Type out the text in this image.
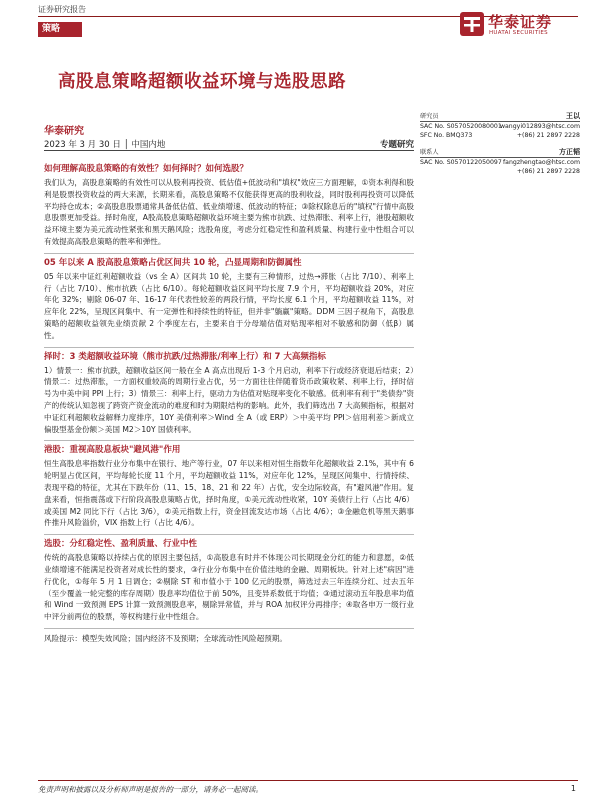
证券研究报告
策略	华泰证券
HUATAI SECURITIES
高股息策略超额收益环境与选股思路
华泰研究
2023 年 3 月 30 日 │ 中国内地	专题研究
如何理解高股息策略的有效性？如何择时？如何选股？
我们认为，高股息策略的有效性可以从股利再投资、低估值+低波动和"填权"效应三方面理解，①资本利得和股利是股票投资收益的两大来源，长期来看，高股息策略不仅能获得更高的股利收益，同时股利再投资可以降低平均持仓成本；②高股息股票通常具备低估值、低业绩增速、低波动的特征；③除权除息后的"填权"行情中高股息股票更加受益。择时角度，A股高股息策略超额收益环境主要为熊市抗跌、过热滞胀、利率上行，港股超额收益环境主要为美元流动性紧张和黑天鹅风险；选股角度，考虑分红稳定性和盈利质量、构建行业中性组合可以有效提高高股息策略的胜率和弹性。
05 年以来 A 股高股息策略占优区间共 10 轮，凸显周期和防御属性
05 年以来中证红利超额收益（vs 全 A）区间共 10 轮，主要有三种情形，过热→滞胀（占比 7/10）、利率上行（占比 7/10）、熊市抗跌（占比 6/10）。每轮超额收益区间平均长度 7.9 个月，平均超额收益 20%，对应年化 32%；剔除 06-07 年、16-17 年代表性较差的两段行情，平均长度 6.1 个月，平均超额收益 11%，对应年化 22%，呈现区间集中、有一定弹性和持续性的特征，但并非"躺赢"策略。DDM 三因子视角下，高股息策略的超额收益领先业绩贡献 2 个季度左右，主要来自于分母端估值对贴现率相对不敏感和防御（低β）属性。
择时：3 类超额收益环境（熊市抗跌/过热滞胀/利率上行）和 7 大高频指标
1）情景一：熊市抗跌，超额收益区间一般在全 A 高点出现后 1-3 个月启动，利率下行或经济衰退后结束；2）情景二：过热滞胀，一方面权重较高的周期行业占优，另一方面往往伴随着货币政策收紧、利率上行，择时信号为中美中间 PPI 上行；3）情景三：利率上行，驱动力为估值对贴现率变化不敏感。低利率有利于"类债券"资产的传统认知忽视了跨资产资金流动的难度和时为期限结构的影响。此外，我们筛选出 7 大高频指标，根据对中证红利超额收益解释力度排序，10Y 美债利率＞Wind 全 A（或 ERP）＞中美平均 PPI＞信用利差＞新成立偏股型基金份额＞美国 M2＞10Y 国债利率。
港股：重视高股息板块"避风港"作用
恒生高股息率指数行业分布集中在银行、地产等行业，07 年以来相对恒生指数年化超额收益 2.1%，其中有 6 轮明显占优区间，平均每轮长度 11 个月，平均超额收益 11%，对应年化 12%，呈现区间集中、行情持续、表现平稳的特征，尤其在下跌年份（11、15、18、21 和 22 年）占优，安全边际较高，有"避风港"作用。复盘来看，恒指震荡或下行阶段高股息策略占优，择时角度，①美元流动性收紧，10Y 美债行上行（占比 4/6）或美国 M2 同比下行（占比 3/6），②美元指数上行，资金回流发达市场（占比 4/6）；③金融危机等黑天鹅事件推升风险溢价，VIX 指数上行（占比 4/6）。
选股：分红稳定性、盈利质量、行业中性
传统的高股息策略以持续占优的原因主要包括，①高股息有时并不体现公司长期现金分红的能力和意愿，②低业绩增速不能满足投资者对成长性的要求，③行业分布集中在价值洼地的金融、周期板块。针对上述"病因"进行优化，①每年 5 月 1 日调仓；②剔除 ST 和市值小于 100 亿元的股票，筛选过去三年连续分红、过去五年（至少覆盖一轮完整的库存周期）股息率均值位于前 50%，且变异系数低于均值；③通过滚动五年股息率均值和 Wind 一致预测 EPS 计算一致预测股息率，剔除异常值，并与 ROA 加权评分再排序；④取各申万一级行业中评分前两位的股票，等权构建行业中性组合。
风险提示：模型失效风险；国内经济不及预期；全球流动性风险超预期。
研究员	王以
SAC No. S0570520080001
wangyi012893@htsc.com
SFC No. BMQ373	+(86) 21 2897 2228
联系人	方正韬
SAC No. S0570122050097 fangzhengtao@htsc.com
+(86) 21 2897 2228
免责声明和披露以及分析师声明是报告的一部分，请务必一起阅读。	1
